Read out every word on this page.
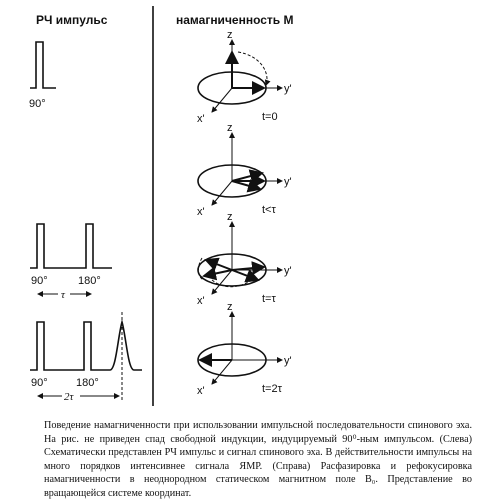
РЧ импульс	намагниченность М
90°
90°	180°
τ
90°	180°
2τ
z
y'
x'	t=0
z
y'
x'	t<τ
z
y'
x'	t=τ
z
y'
x'	t=2τ

Поведение намагниченности при использовании импульсной последовательности спинового эха. На рис. не приведен спад свободной индукции, индуцируемый 90⁰-ным импульсом. (Слева) Схематически представлен РЧ импульс и сигнал спинового эха. В действительности импульсы на много порядков интенсивнее сигнала ЯМР. (Справа) Расфазировка и рефокусировка намагниченности в неоднородном статическом магнитном поле B₀. Представление во вращающейся системе координат.
